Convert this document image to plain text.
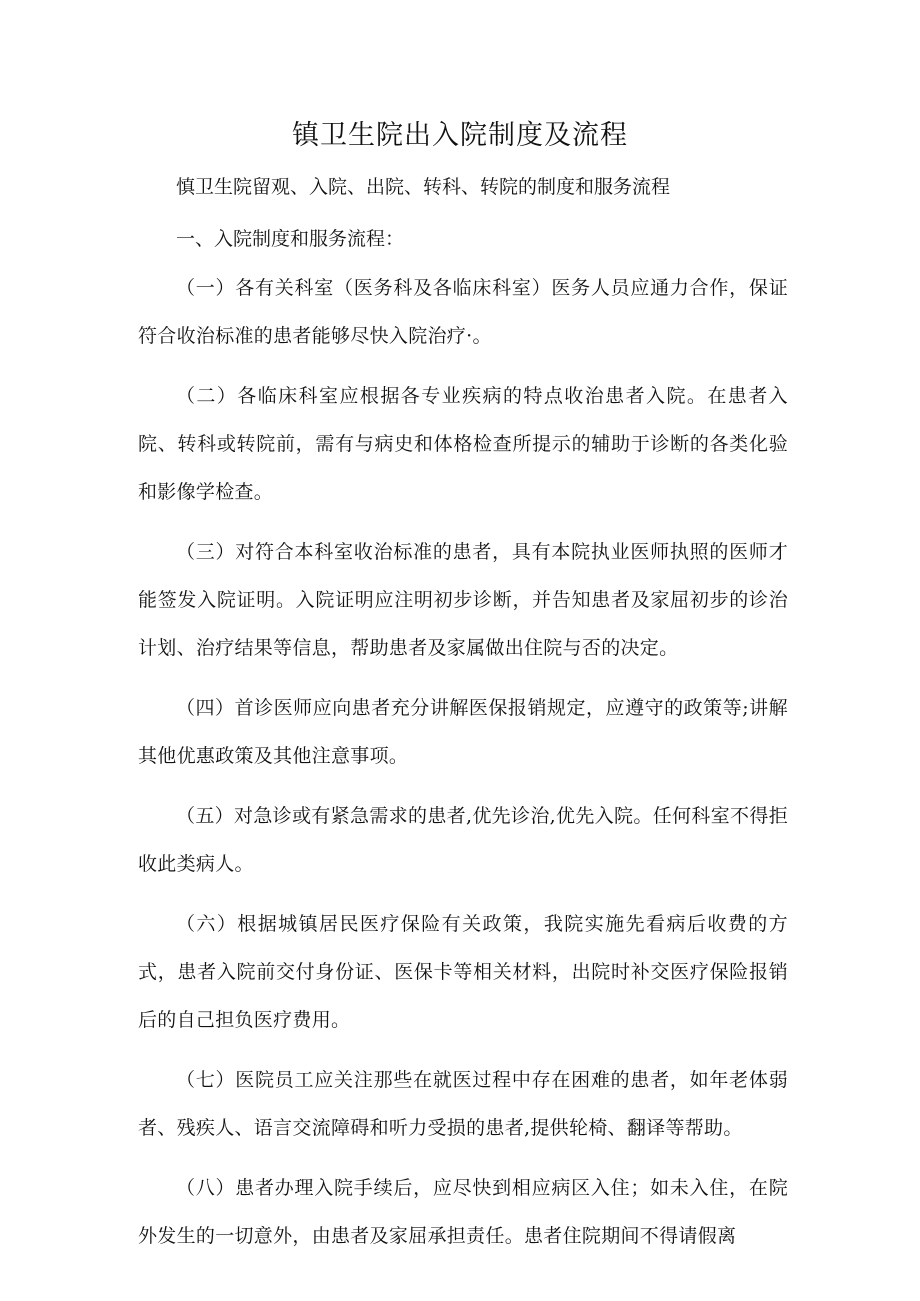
镇卫生院出入院制度及流程
慎卫生院留观、入院、出院、转科、转院的制度和服务流程
一、入院制度和服务流程：

（一）各有关科室（医务科及各临床科室）医务人员应通力合作，保证符合收治标准的患者能够尽快入院治疗·。

（二）各临床科室应根据各专业疾病的特点收治患者入院。在患者入院、转科或转院前，需有与病史和体格检查所提示的辅助于诊断的各类化验和影像学检查。

（三）对符合本科室收治标准的患者，具有本院执业医师执照的医师才能签发入院证明。入院证明应注明初步诊断，并告知患者及家屈初步的诊治计划、治疗结果等信息，帮助患者及家属做出住院与否的决定。

（四）首诊医师应向患者充分讲解医保报销规定，应遵守的政策等;讲解其他优惠政策及其他注意事项。

（五）对急诊或有紧急需求的患者,优先诊治,优先入院。任何科室不得拒收此类病人。

（六）根据城镇居民医疗保险有关政策，我院实施先看病后收费的方式，患者入院前交付身份证、医保卡等相关材料，出院时补交医疗保险报销后的自己担负医疗费用。

（七）医院员工应关注那些在就医过程中存在困难的患者，如年老体弱者、残疾人、语言交流障碍和听力受损的患者,提供轮椅、翻译等帮助。

（八）患者办理入院手续后，应尽快到相应病区入住；如未入住，在院外发生的一切意外，由患者及家屈承担责任。患者住院期间不得请假离
